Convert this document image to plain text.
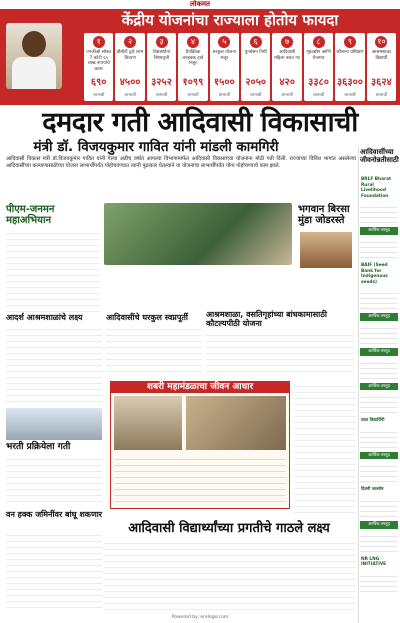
लोकमत
केंद्रीय योजनांचा राज्याला होतोय फायदा
१
एनजीओ सोबत 7 कोटी ६५ लाख रूपयांचे करार
६९०
लाभार्थी
२
डीबीटी द्वारे लाभ वितरण
४५००
लाभार्थी
३
विद्यार्थ्यांना शिष्यवृत्ती
३२५२
लाभार्थी
४
वैयक्तिक वनहक्क दावे मंजूर
१०९९
लाभार्थी
५
घरकुल योजना मंजूर
१५००
लाभार्थी
६
पुनर्वसन निधी
२०५०
लाभार्थी
७
आदिवासी महिला बचत गट
४२०
लाभार्थी
८
गृहउद्योग आणि रोजगार
३३८०
लाभार्थी
९
कौशल्य प्रशिक्षण
३६३००
लाभार्थी
१०
आश्रमशाळा विद्यार्थी
३६२४
लाभार्थी
दमदार गती आदिवासी विकासाची
मंत्री डॉ. विजयकुमार गावित यांनी मांडली कामगिरी
आदिवासी विकास मंत्री डॉ.विजयकुमार गावित यांनी गेल्या अडीच वर्षात आपल्या विभागामार्फत आदिवासी विकासाच्या योजनांना मोठी गती दिली. राज्याच्या विविध भागांत असलेल्या आदिवासींच्या कल्याणासाठीच्या योजना लाभार्थींपर्यंत पोहोचवण्यात त्यांनी पुढाकार घेतल्याने या योजनांचा लाभार्थींपर्यंत योग्य पोहोचण्याचे काम झाले.
आदिवासींच्या जीवनोन्नतीसाठी
BRLF Bharat Rural Livelihood Foundation
आर्थिक तरतूद
BAIF (Seed Bank for Indigenous seeds)
आर्थिक तरतूद
आर्थिक तरतूद
आर्थिक तरतूद
उन्नत विद्यार्थिनी
आर्थिक तरतूद
दिल्ली जल्लोष
आर्थिक तरतूद
NR LNG INITIATIVE
पीएम-जनमन महाअभियान
भगवान बिरसा मुंडा जोडरस्ते
आदर्श आश्रमशाळांचे लक्ष्य	आदिवासींचे घरकुल स्वप्नपूर्ती	आश्रमशाळा, वसतिगृहांच्या बांधकामासाठी कौटल्यपीठी योजना
शबरी महामंडळाचा जीवन आधार
भरती प्रक्रियेला गती
वन हक्क जमिनींवर बांधू शकणार
आदिवासी विद्यार्थ्यांच्या प्रगतीचे गाठले लक्ष्य
Powered by: erelego.com
